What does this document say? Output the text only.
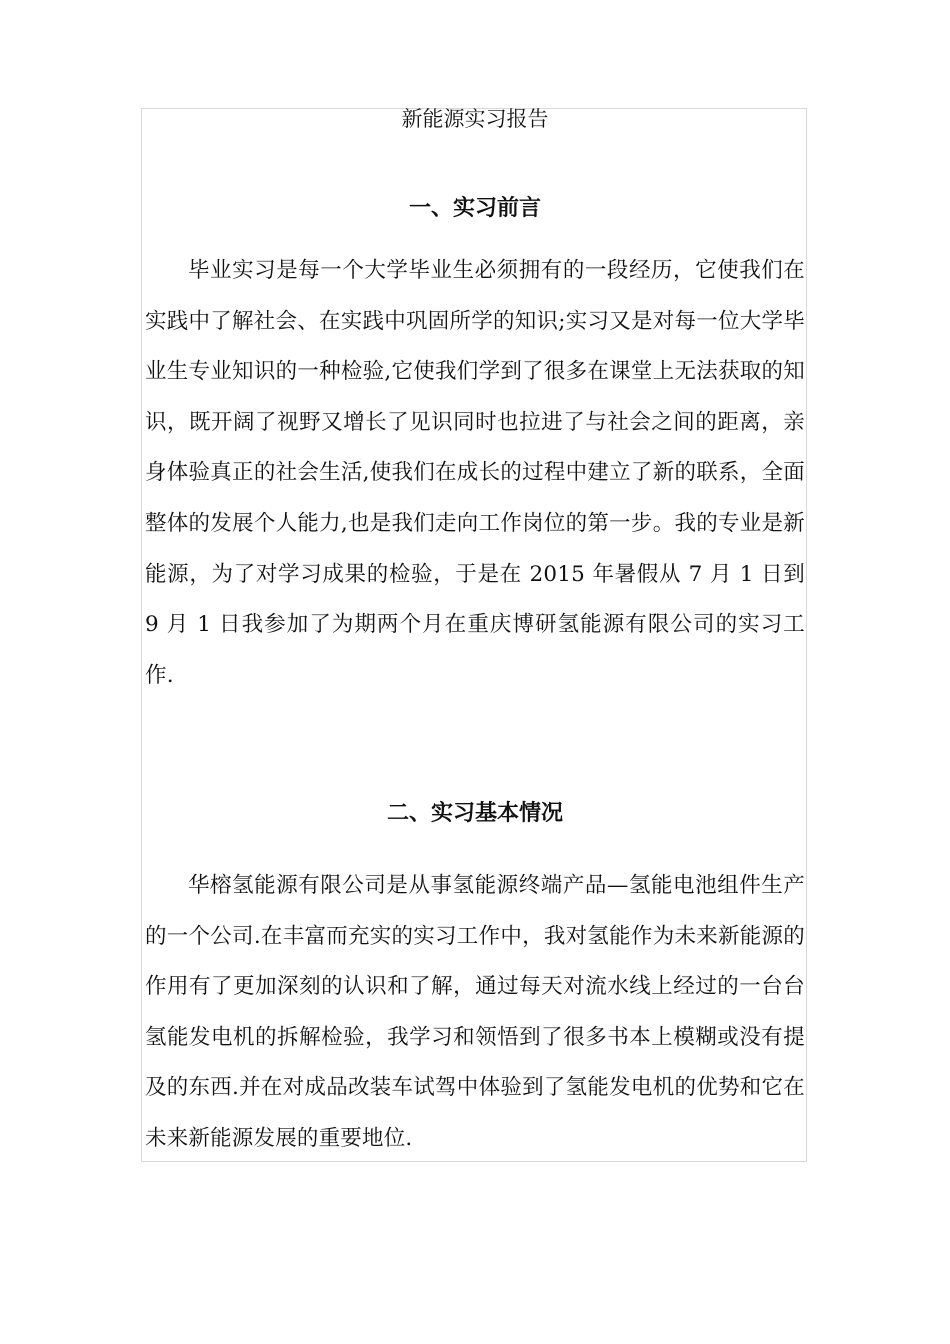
新能源实习报告
一、实习前言

毕业实习是每一个大学毕业生必须拥有的一段经历，它使我们在实践中了解社会、在实践中巩固所学的知识;实习又是对每一位大学毕业生专业知识的一种检验,它使我们学到了很多在课堂上无法获取的知识，既开阔了视野又增长了见识同时也拉进了与社会之间的距离，亲身体验真正的社会生活,使我们在成长的过程中建立了新的联系，全面整体的发展个人能力,也是我们走向工作岗位的第一步。我的专业是新能源，为了对学习成果的检验，于是在 2015 年暑假从 7 月 1 日到 9 月 1 日我参加了为期两个月在重庆博研氢能源有限公司的实习工作.

二、实习基本情况

华榕氢能源有限公司是从事氢能源终端产品—氢能电池组件生产的一个公司.在丰富而充实的实习工作中，我对氢能作为未来新能源的作用有了更加深刻的认识和了解，通过每天对流水线上经过的一台台氢能发电机的拆解检验，我学习和领悟到了很多书本上模糊或没有提及的东西.并在对成品改装车试驾中体验到了氢能发电机的优势和它在未来新能源发展的重要地位.
